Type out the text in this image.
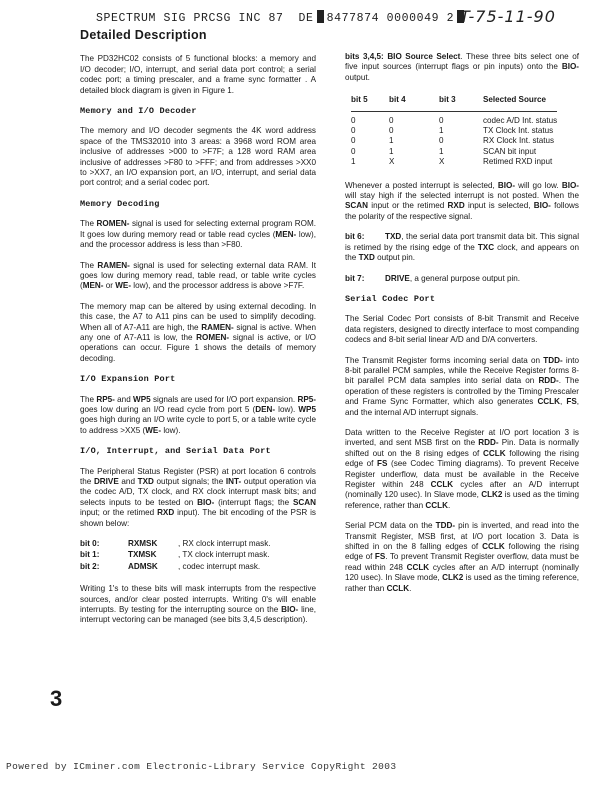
SPECTRUM SIG PRCSG INC 87 DE 8477874 0000049 2 T-75-11-90
Detailed Description

The PD32HC02 consists of 5 functional blocks: a memory and I/O decoder; I/O, interrupt, and serial data port control; a serial codec port; a timing prescaler, and a frame sync formatter . A detailed block diagram is given in Figure 1.

Memory and I/O Decoder

The memory and I/O decoder segments the 4K word address space of the TMS32010 into 3 areas: a 3968 word ROM area inclusive of addresses >000 to >F7F; a 128 word RAM area inclusive of addresses >F80 to >FFF; and from addresses >XX0 to >XX7, an I/O expansion port, an I/O, interrupt, and serial data port control; and a serial codec port.

Memory Decoding

The ROMEN- signal is used for selecting external program ROM. It goes low during memory read or table read cycles (MEN- low), and the processor address is less than >F80.

The RAMEN- signal is used for selecting external data RAM. It goes low during memory read, table read, or table write cycles (MEN- or WE- low), and the processor address is above >F7F.

The memory map can be altered by using external decoding. In this case, the A7 to A11 pins can be used to simplify decoding. When all of A7-A11 are high, the RAMEN- signal is active. When any one of A7-A11 is low, the ROMEN- signal is active, or I/O operations can occur. Figure 1 shows the details of memory decoding.

I/O Expansion Port

The RP5- and WP5 signals are used for I/O port expansion. RP5- goes low during an I/O read cycle from port 5 (DEN- low). WP5 goes high during an I/O write cycle to port 5, or a table write cycle to address >XX5 (WE- low).

I/O, Interrupt, and Serial Data Port

The Peripheral Status Register (PSR) at port location 6 controls the DRIVE and TXD output signals; the INT- output operation via the codec A/D, TX clock, and RX clock interrupt mask bits; and selects inputs to be tested on BIO- (interrupt flags; the SCAN input; or the retimed RXD input). The bit encoding of the PSR is shown below:

bit 0:	RXMSK	, RX clock interrupt mask.
bit 1:	TXMSK	, TX clock interrupt mask.
bit 2:	ADMSK	, codec interrupt mask.

Writing 1's to these bits will mask interrupts from the respective sources, and/or clear posted interrupts. Writing 0's will enable interrupts. By testing for the interrupting source on the BIO- line, interrupt vectoring can be managed (see bits 3,4,5 description).

bits 3,4,5: BIO Source Select. These three bits select one of five input sources (interrupt flags or pin inputs) onto the BIO- output.

bit 5	bit 4	bit 3	Selected Source
0	0	0	codec A/D Int. status
0	0	1	TX Clock Int. status
0	1	0	RX Clock Int. status
0	1	1	SCAN bit input
1	X	X	Retimed RXD input

Whenever a posted interrupt is selected, BIO- will go low. BIO- will stay high if the selected interrupt is not posted. When the SCAN input or the retimed RXD input is selected, BIO- follows the polarity of the respective signal.

bit 6:	TXD, the serial data port transmit data bit. This signal is retimed by the rising edge of the TXC clock, and appears on the TXD output pin.

bit 7:	DRIVE, a general purpose output pin.

Serial Codec Port

The Serial Codec Port consists of 8-bit Transmit and Receive data registers, designed to directly interface to most companding codecs and 8-bit serial linear A/D and D/A converters.

The Transmit Register forms incoming serial data on TDD- into 8-bit parallel PCM samples, while the Receive Register forms 8-bit parallel PCM data samples into serial data on RDD-. The operation of these registers is controlled by the Timing Prescaler and Frame Sync Formatter, which also generates CCLK, FS, and the internal A/D interrupt signals.

Data written to the Receive Register at I/O port location 3 is inverted, and sent MSB first on the RDD- Pin. Data is normally shifted out on the 8 rising edges of CCLK following the rising edge of FS (see Codec Timing diagrams). To prevent Receive Register underflow, data must be available in the Receive Register within 248 CCLK cycles after an A/D interrupt (nominally 120 usec). In Slave mode, CLK2 is used as the timing reference, rather than CCLK.

Serial PCM data on the TDD- pin is inverted, and read into the Transmit Register, MSB first, at I/O port location 3. Data is shifted in on the 8 falling edges of CCLK following the rising edge of FS. To prevent Transmit Register overflow, data must be read within 248 CCLK cycles after an A/D interrupt (nominally 120 usec). In Slave mode, CLK2 is used as the timing reference, rather than CCLK.

3
Powered by ICminer.com Electronic-Library Service CopyRight 2003
